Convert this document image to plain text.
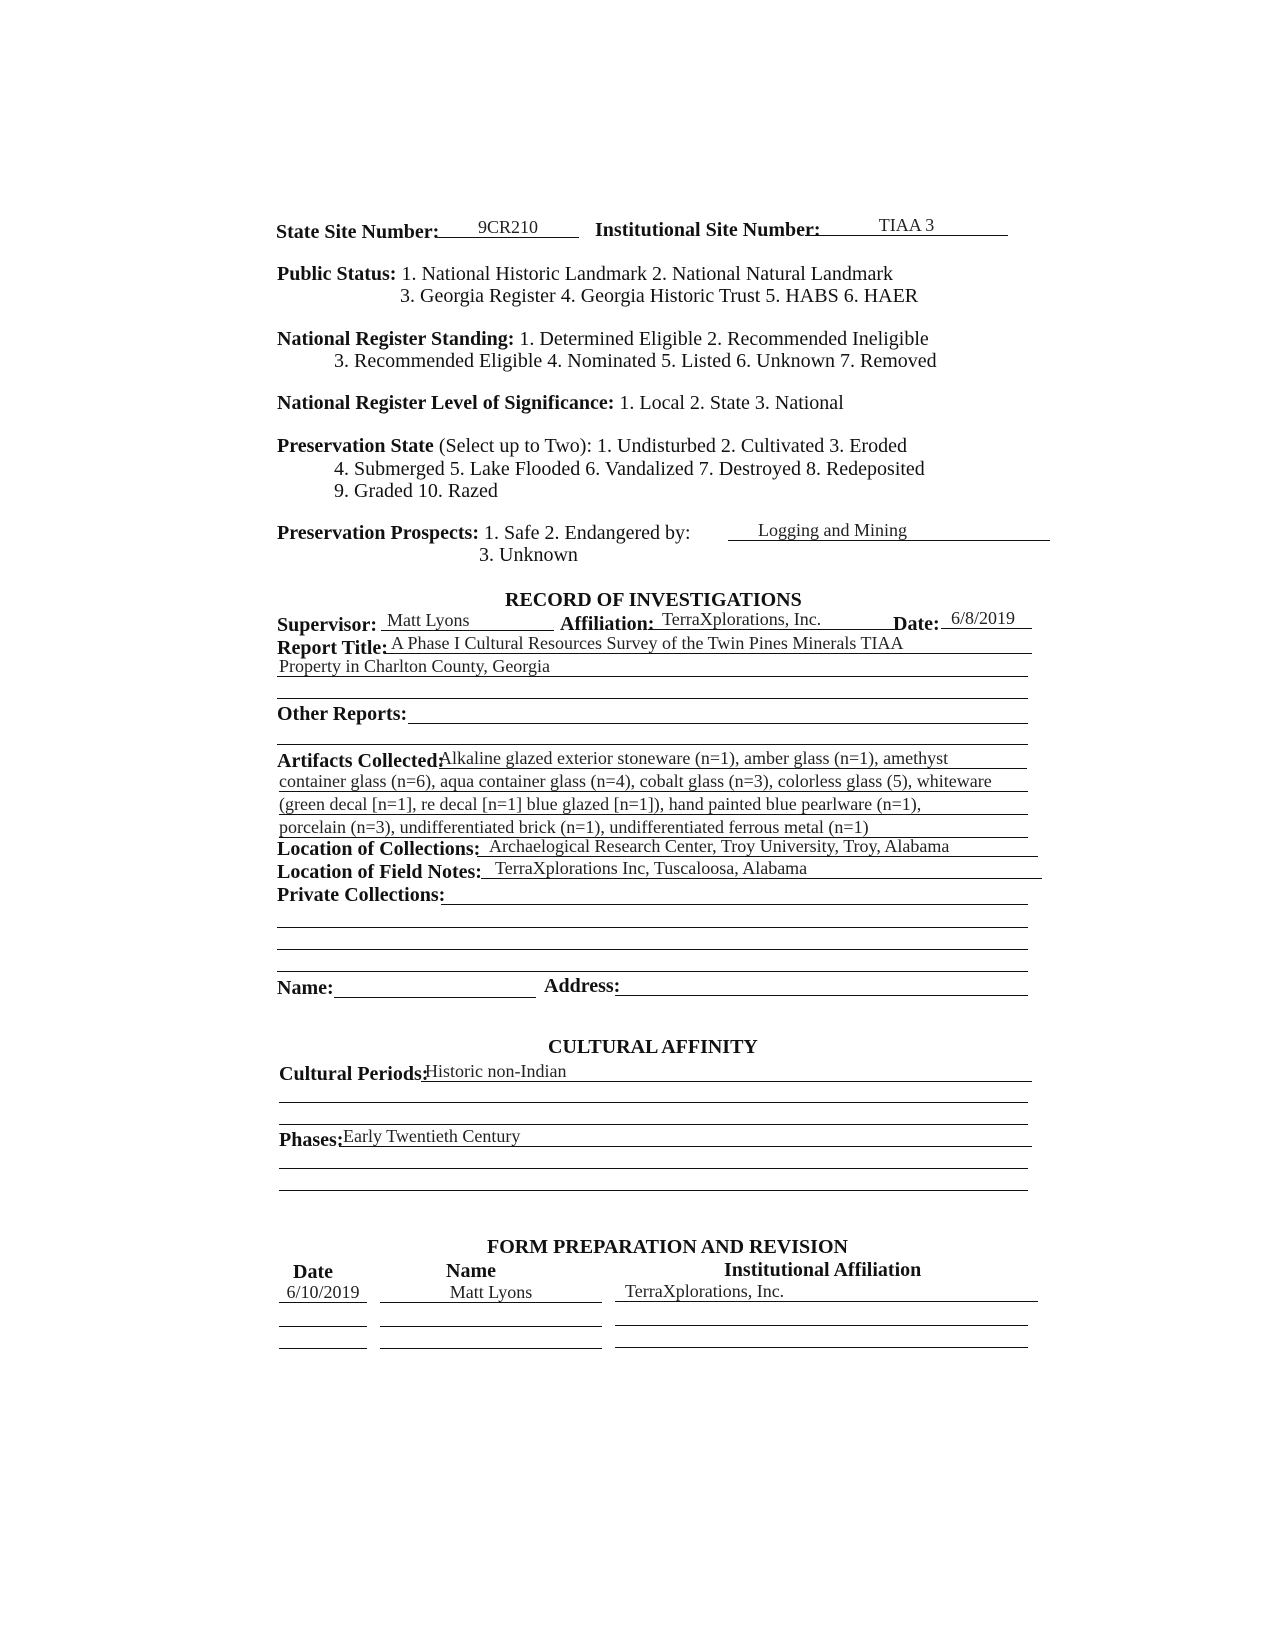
State Site Number:	9CR210	Institutional Site Number:	TIAA 3
Public Status: 1. National Historic Landmark 2. National Natural Landmark
3. Georgia Register 4. Georgia Historic Trust 5. HABS 6. HAER
National Register Standing: 1. Determined Eligible 2. Recommended Ineligible
3. Recommended Eligible 4. Nominated 5. Listed 6. Unknown 7. Removed
National Register Level of Significance: 1. Local 2. State 3. National
Preservation State (Select up to Two): 1. Undisturbed 2. Cultivated 3. Eroded
4. Submerged 5. Lake Flooded 6. Vandalized 7. Destroyed 8. Redeposited
9. Graded 10. Razed
Preservation Prospects: 1. Safe 2. Endangered by:	Logging and Mining
3. Unknown
RECORD OF INVESTIGATIONS
Supervisor: Matt Lyons	Affiliation: TerraXplorations, Inc.	Date: 6/8/2019
Report Title: A Phase I Cultural Resources Survey of the Twin Pines Minerals TIAA
Property in Charlton County, Georgia
Other Reports:
Artifacts Collected:
Alkaline glazed exterior stoneware (n=1), amber glass (n=1), amethyst
container glass (n=6), aqua container glass (n=4), cobalt glass (n=3), colorless glass (5), whiteware
(green decal [n=1], re decal [n=1] blue glazed [n=1]), hand painted blue pearlware (n=1),
porcelain (n=3), undifferentiated brick (n=1), undifferentiated ferrous metal (n=1)
Location of Collections: Archaelogical Research Center, Troy University, Troy, Alabama
Location of Field Notes: TerraXplorations Inc, Tuscaloosa, Alabama
Private Collections:
Name:	Address:
CULTURAL AFFINITY
Cultural Periods:
Historic non-Indian
Phases: Early Twentieth Century
FORM PREPARATION AND REVISION
Date	Name	Institutional Affiliation
6/10/2019	Matt Lyons	TerraXplorations, Inc.
